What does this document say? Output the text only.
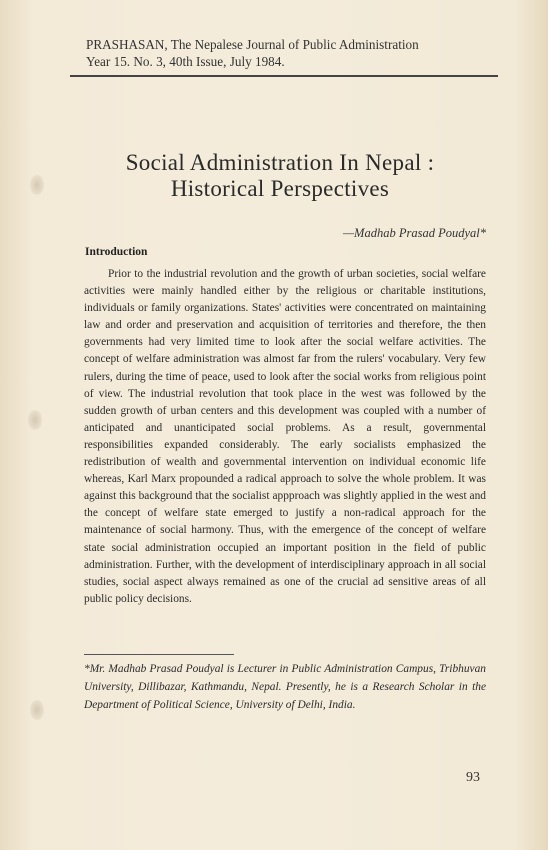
PRASHASAN, The Nepalese Journal of Public Administration
Year 15. No. 3, 40th Issue, July 1984.
Social Administration In Nepal :
Historical Perspectives
—Madhab Prasad Poudyal*
Introduction
Prior to the industrial revolution and the growth of urban societies, social welfare activities were mainly handled either by the religious or charitable institutions, individuals or family organizations. States' activities were concentrated on maintaining law and order and preservation and acquisition of territories and therefore, the then governments had very limited time to look after the social welfare activities. The concept of welfare administration was almost far from the rulers' vocabulary. Very few rulers, during the time of peace, used to look after the social works from religious point of view. The industrial revolution that took place in the west was followed by the sudden growth of urban centers and this development was coupled with a number of anticipated and unanticipated social problems. As a result, governmental responsibilities expanded considerably. The early socialists emphasized the redistribution of wealth and governmental intervention on individual economic life whereas, Karl Marx propounded a radical approach to solve the whole problem. It was against this background that the socialist appproach was slightly applied in the west and the concept of welfare state emerged to justify a non-radical approach for the maintenance of social harmony. Thus, with the emergence of the concept of welfare state social administration occupied an important position in the field of public administration. Further, with the development of interdisciplinary approach in all social studies, social aspect always remained as one of the crucial ad sensitive areas of all public policy decisions.
*Mr. Madhab Prasad Poudyal is Lecturer in Public Administration Campus, Tribhuvan University, Dillibazar, Kathmandu, Nepal. Presently, he is a Research Scholar in the Department of Political Science, University of Delhi, India.
93
